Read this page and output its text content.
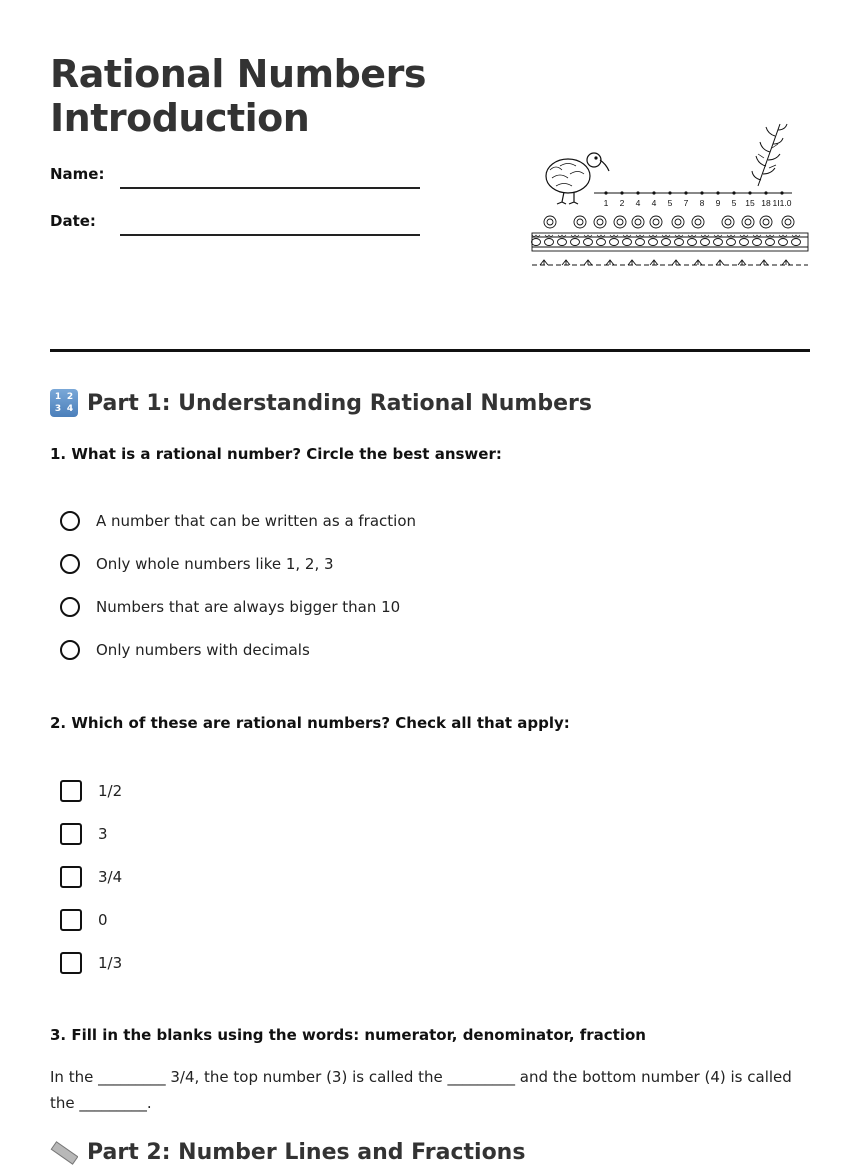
Rational Numbers
Introduction
Name:
Date:
1 2 4 4 5 7 8 9 5 15 18 1I1.0
1 2
3 4 Part 1: Understanding Rational Numbers

1. What is a rational number? Circle the best answer:

A number that can be written as a fraction
Only whole numbers like 1, 2, 3
Numbers that are always bigger than 10
Only numbers with decimals

2. Which of these are rational numbers? Check all that apply:

1/2
3
3/4
0
1/3

3. Fill in the blanks using the words: numerator, denominator, fraction

In the _________ 3/4, the top number (3) is called the _________ and the bottom number (4) is called the _________.

Part 2: Number Lines and Fractions
